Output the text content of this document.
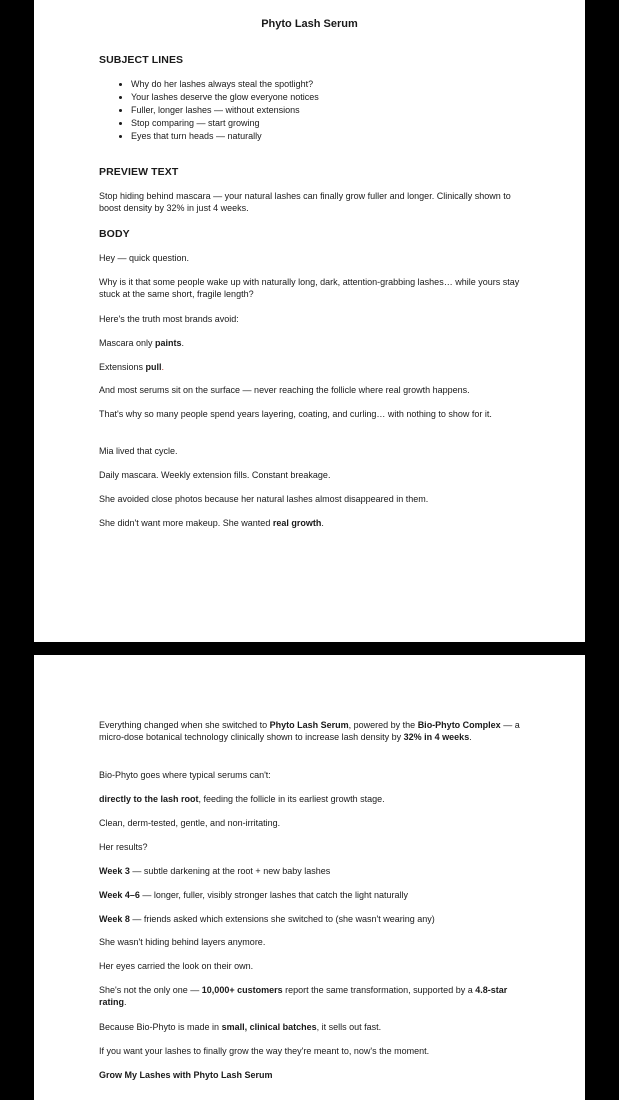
Phyto Lash Serum
SUBJECT LINES
• Why do her lashes always steal the spotlight?
• Your lashes deserve the glow everyone notices
• Fuller, longer lashes — without extensions
• Stop comparing — start growing
• Eyes that turn heads — naturally
PREVIEW TEXT
Stop hiding behind mascara — your natural lashes can finally grow fuller and longer. Clinically shown to boost density by 32% in just 4 weeks.
BODY
Hey — quick question.
Why is it that some people wake up with naturally long, dark, attention-grabbing lashes… while yours stay stuck at the same short, fragile length?
Here's the truth most brands avoid:
Mascara only paints.
Extensions pull.
And most serums sit on the surface — never reaching the follicle where real growth happens.
That's why so many people spend years layering, coating, and curling… with nothing to show for it.
Mia lived that cycle.
Daily mascara. Weekly extension fills. Constant breakage.
She avoided close photos because her natural lashes almost disappeared in them.
She didn't want more makeup. She wanted real growth.
Everything changed when she switched to Phyto Lash Serum, powered by the Bio-Phyto Complex — a micro-dose botanical technology clinically shown to increase lash density by 32% in 4 weeks.
Bio-Phyto goes where typical serums can't:
directly to the lash root, feeding the follicle in its earliest growth stage.
Clean, derm-tested, gentle, and non-irritating.
Her results?
Week 3 — subtle darkening at the root + new baby lashes
Week 4–6 — longer, fuller, visibly stronger lashes that catch the light naturally
Week 8 — friends asked which extensions she switched to (she wasn't wearing any)
She wasn't hiding behind layers anymore.
Her eyes carried the look on their own.
She's not the only one — 10,000+ customers report the same transformation, supported by a 4.8-star rating.
Because Bio-Phyto is made in small, clinical batches, it sells out fast.
If you want your lashes to finally grow the way they're meant to, now's the moment.
Grow My Lashes with Phyto Lash Serum
